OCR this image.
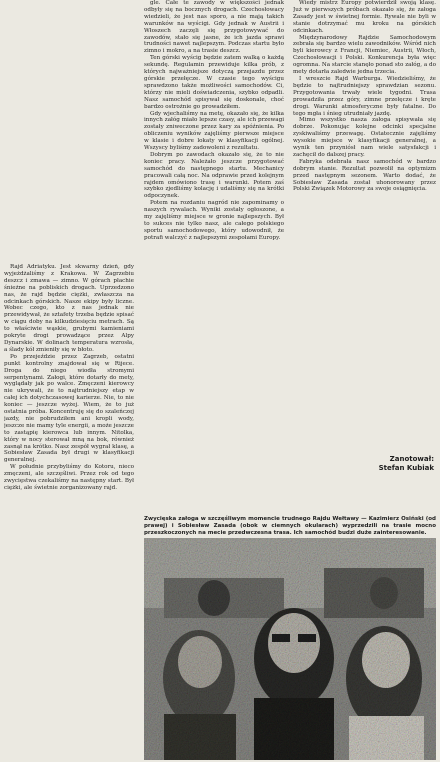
Rajd Adriatyku. Jest skwarny dzień, gdy wyjeżdżaliśmy z Krakowa. W Zagrzebiu deszcz i zmawa — zimno. W górach płachie śnieżne na pobliskich drogach. Uprzedzono nas, że rajd będzie ciężki, zwłaszcza na odcinkach górskich. Nasze ekipy były liczne. Wobec czego, kto z nas jednak nie przewidywał, że sztafety trzeba będzie spisać w ciągu doby na kilkudziesięciu metrach. Są to właściwie wąskie, grubymi kamieniami pokryte drogi prowadzące przez Alpy Dynarskie. W dolinach temperatura wzrosła, a ślady kół zmieniły się w błoto.

Po przejeździe przez Zagrzeb, ostatni punkt kontrolny znajdował się w Rijece. Droga do niego wiodła stromymi serpentynami. Załogi, które dotarły do mety, wyglądały jak po walce. Zmęczeni kierowcy nie ukrywali, że to najtrudniejszy etap w całej ich dotychczasowej karierze. Nie, to nie koniec — jeszcze wyżej. Wiem, że to już ostatnia próba. Koncentruję się do szaleńczej jazdy, nie pobrudziłem ani kropli wody, jeszcze nie mamy tyle energii, a może jeszcze to zastąpię kierowca lub innym. Nitolka, który w nocy sterował mną na bok, również zasnął na krótko. Nasz zespół wygrał klasę, a Sobiesław Zasada był drugi w klasyfikacji generalnej.

W południe przybyliśmy do Kotoru, nieco zmęczeni, ale szczęśliwi. Przez rok od tego zwycięstwa czekaliśmy na następny start. Był ciężki, ale świetnie zorganizowany rajd.

gle. Całe te zawody w większości jednak odbyły się na bocznych drogach. Czechosłowacy wiedzieli, że jest nas sporo, a nie mają takich warunków na wyścigi. Gdy jednak w Austrii i Włoszech zaczęli się przygotowywać do zawodów, stało się jasne, że ich jazda sprawi trudności nawet najlepszym. Podczas startu było zimno i mokro, a na trasie deszcz.

Ten górski wyścig będzie zatem walką o każdą sekundę. Regulamin przewiduje kilka prób, z których najważniejsze dotyczą przejazdu przez górskie przełęcze. W czasie tego wyścigu sprawdzono także możliwości samochodów. Ci, którzy nie mieli doświadczenia, szybko odpadli. Nasz samochód spisywał się doskonale, choć bardzo ostrożnie go prowadziłem.

Gdy wjechaliśmy na metę, okazało się, że kilka innych załóg miało lepsze czasy, ale ich przewagi zostały zniweczone przez kary za spóźnienia. Po obliczeniu wyników zajęliśmy pierwsze miejsce w klasie i dobre lokaty w klasyfikacji ogólnej. Wszyscy byliśmy zadowoleni z rezultatu.

Dobrym po zawodach okazało się, że to nie koniec pracy. Należało jeszcze przygotować samochód do następnego startu. Mechanicy pracowali całą noc. Na odprawie przed kolejnym rajdem omówiono trasę i warunki. Potem zaś szybko zjedliśmy kolację i udaliśmy się na krótki odpoczynek.

Potem na rozdaniu nagród nie zapominamy o naszych rywalach. Wyniki zostały ogłoszone, a my zajęliśmy miejsce w gronie najlepszych. Był to sukces nie tylko nasz, ale całego polskiego sportu samochodowego, który udowodnił, że potrafi walczyć z najlepszymi zespołami Europy.

Wiedy mistrz Europy potwierdził swoją klasę. Już w pierwszych próbach okazało się, że załoga Zasady jest w świetnej formie. Rywale nie byli w stanie dotrzymać mu kroku na górskich odcinkach.

Międzynarodowy Rajdzie Samochodowym zebrała się bardzo wielu zawodników. Wśród nich byli kierowcy z Francji, Niemiec, Austrii, Włoch, Czechosłowacji i Polski. Konkurencja była więc ogromna. Na starcie stanęło ponad sto załóg, a do mety dotarła zaledwie jedna trzecia.

I wreszcie Rajd Warburga. Wiedzieliśmy, że będzie to najtrudniejszy sprawdzian sezonu. Przygotowania trwały wiele tygodni. Trasa prowadziła przez góry, zimne przełęcze i kręte drogi. Warunki atmosferyczne były fatalne. Do tego mgła i śnieg utrudniały jazdę.

Mimo wszystko nasza załoga spisywała się dobrze. Pokonując kolejne odcinki specjalne zyskiwaliśmy przewagę. Ostatecznie zajęliśmy wysokie miejsce w klasyfikacji generalnej, a wynik ten przyniósł nam wiele satysfakcji i zachęcił do dalszej pracy.

Fabryka odebrała nasz samochód w bardzo dobrym stanie. Rezultat pozwolił na optymizm przed następnym sezonem. Warto dodać, że Sobiesław Zasada został uhonorowany przez Polski Związek Motorowy za swoje osiągnięcia.

Zanotował:
Stefan Kubiak
Zwycięska załoga w szczęśliwym momencie trudnego Rajdu Wełtawy — Kazimierz Osiński (od prawej) i Sobiesław Zasada (obok w ciemnych okularach) wyprzedzili na trasie mocno przeszkoczonych na mecie przedwczesna trasa. Ich samochód budzi duże zainteresowanie.
